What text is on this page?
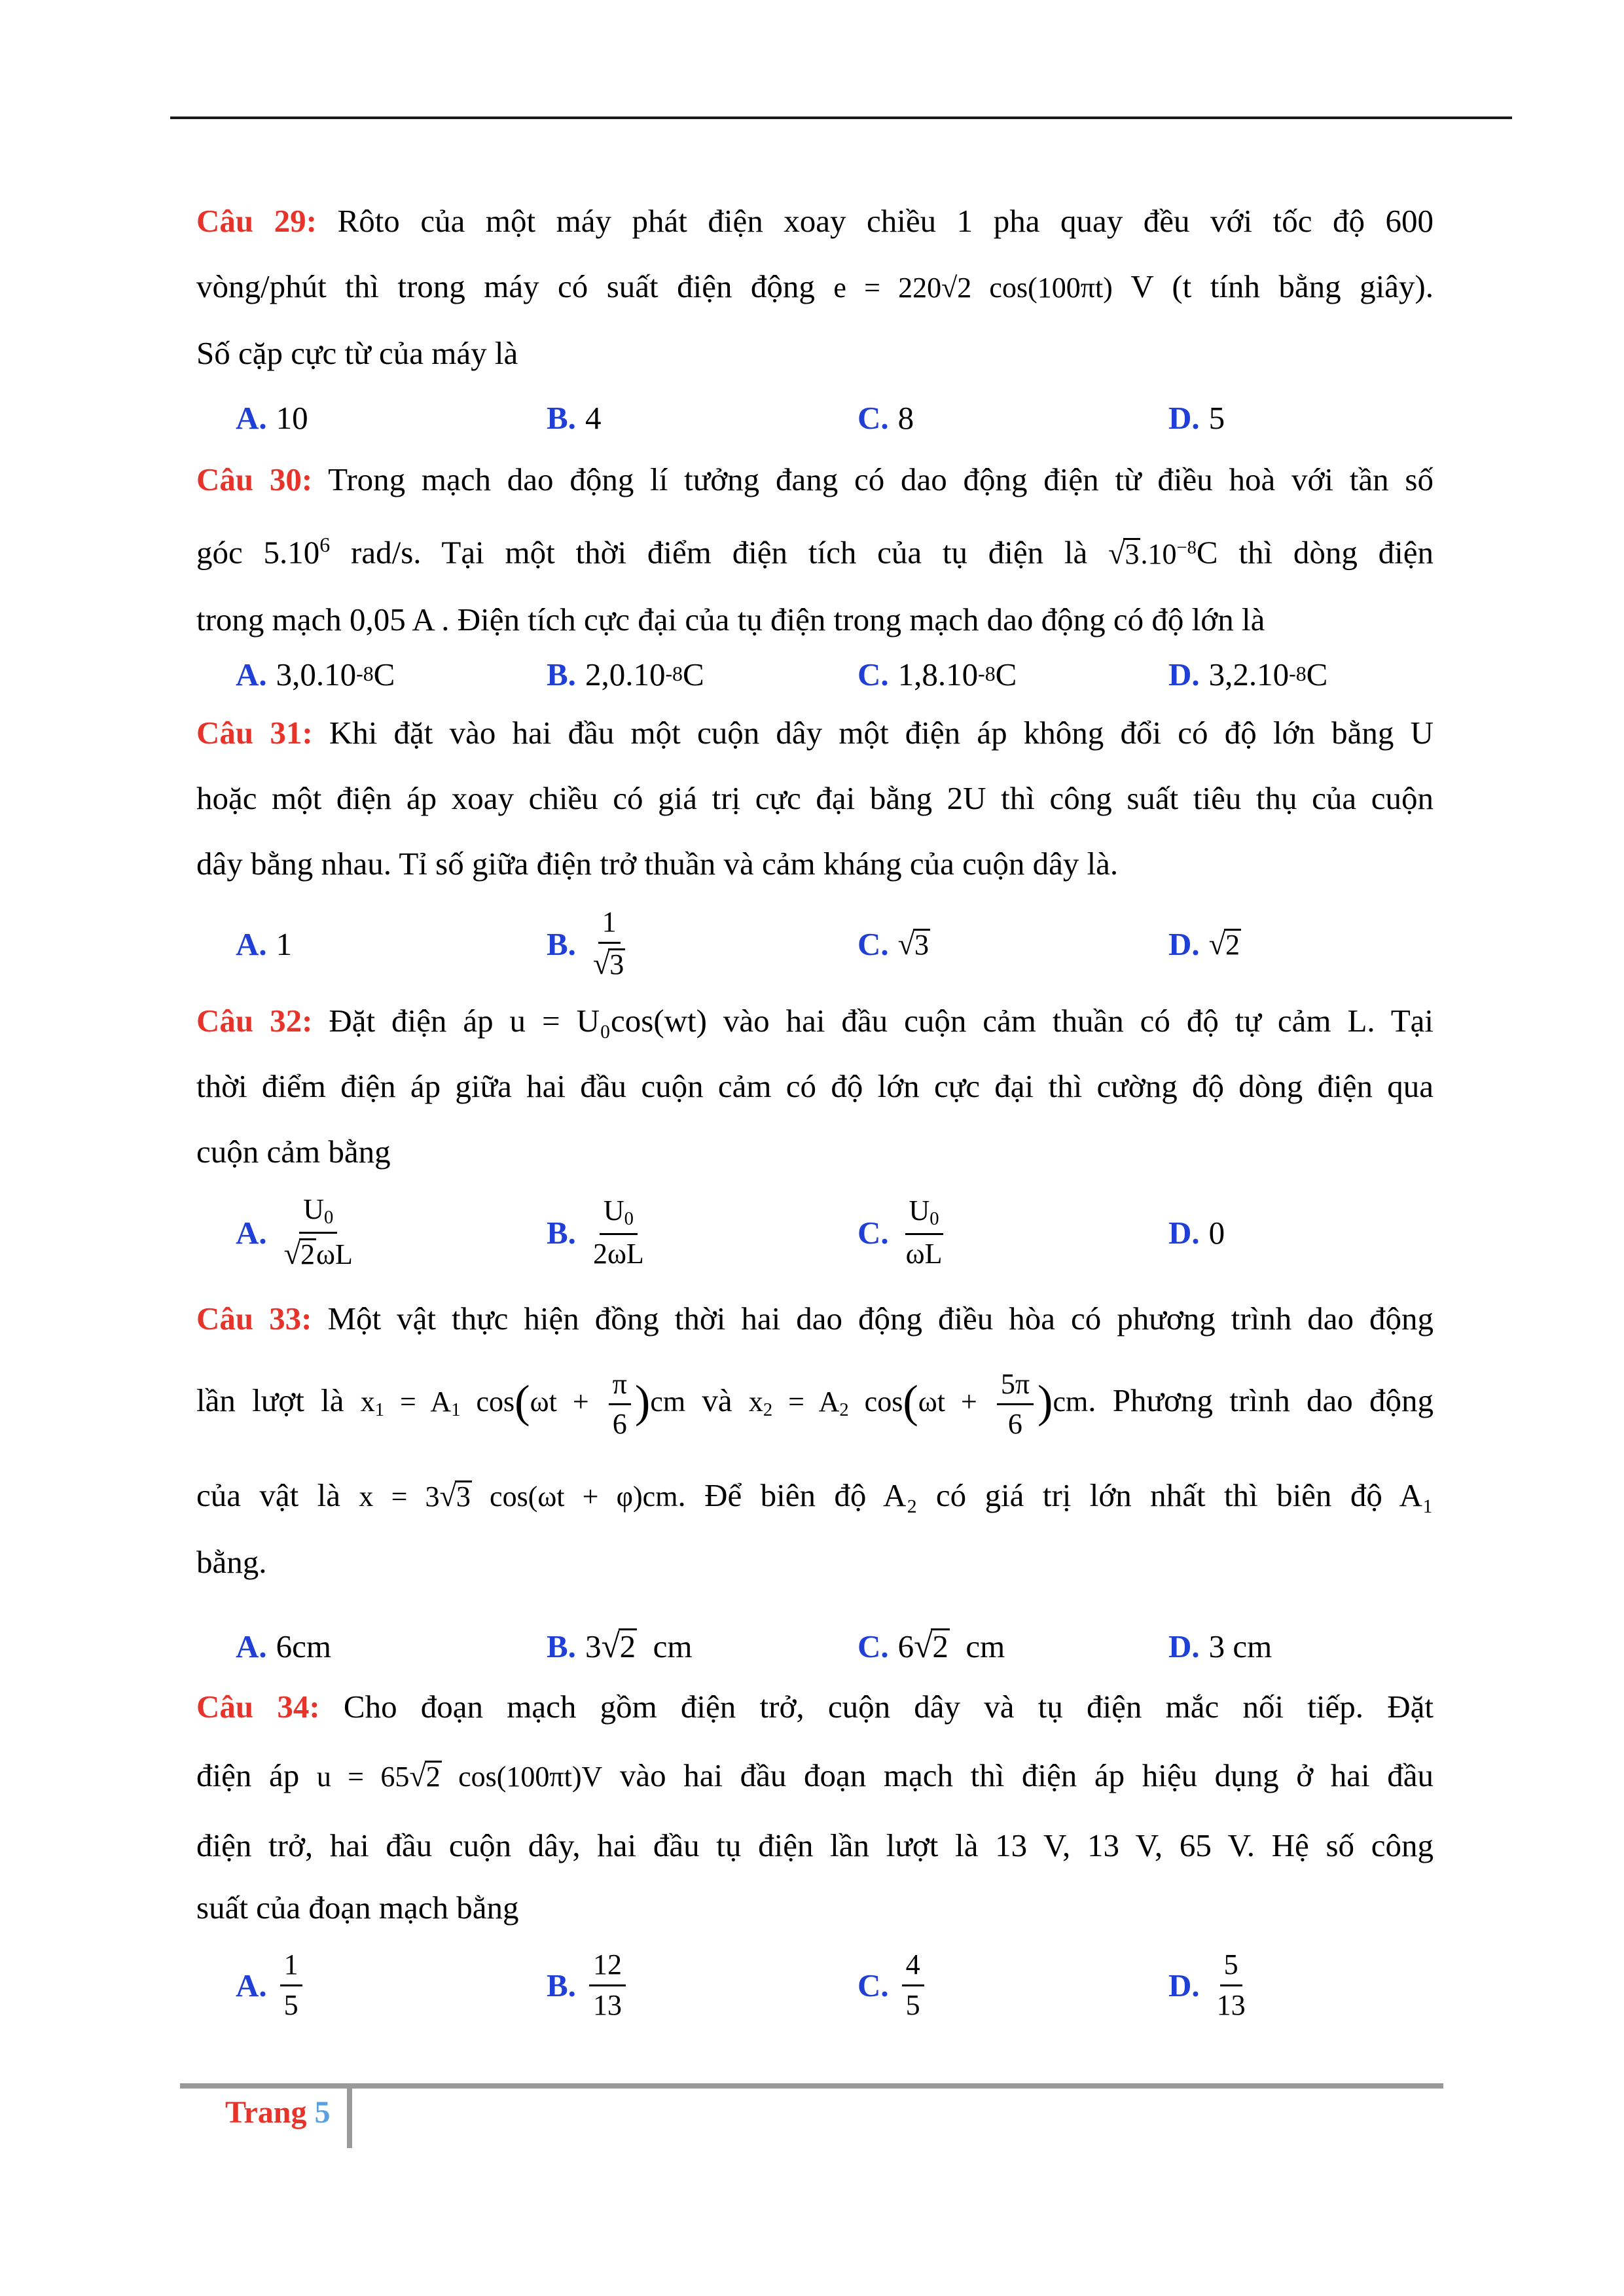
Câu 29: Rôto của một máy phát điện xoay chiều 1 pha quay đều với tốc độ 600

vòng/phút thì trong máy có suất điện động e = 220√2 cos(100πt) V (t tính bằng giây).

Số cặp cực từ của máy là

A. 10	B. 4	C. 8	D. 5

Câu 30: Trong mạch dao động lí tưởng đang có dao động điện từ điều hoà với tần số

góc 5.10$^6$ rad/s. Tại một thời điểm điện tích của tụ điện là $√3.10^{-8}C$ thì dòng điện

trong mạch 0,05 A . Điện tích cực đại của tụ điện trong mạch dao động có độ lớn là

A. 3,0.10 -8 C	B. 2,0.10 -8 C	C. 1,8.10 -8 C	D. 3,2.10 -8 C

Câu 31: Khi đặt vào hai đầu một cuộn dây một điện áp không đổi có độ lớn bằng U

hoặc một điện áp xoay chiều có giá trị cực đại bằng 2U thì công suất tiêu thụ của cuộn

dây bằng nhau. Tỉ số giữa điện trở thuần và cảm kháng của cuộn dây là.

A. 1	B. $\frac{1}{√3}$	C. √3	D. √2

Câu 32: Đặt điện áp u = U₀cos(wt) vào hai đầu cuộn cảm thuần có độ tự cảm L. Tại

thời điểm điện áp giữa hai đầu cuộn cảm có độ lớn cực đại thì cường độ dòng điện qua

cuộn cảm bằng

A. $\frac{U_0}{√2\omega L}$	B. $\frac{U_0}{2\omega L}$	C. $\frac{U_0}{\omega L}$	D. 0

Câu 33: Một vật thực hiện đồng thời hai dao động điều hòa có phương trình dao động

lần lượt là $x_1 = A_1$ $\cos(\omega t + \frac{\pi}{6} )cm$ và $x_2 = A_2$ $\cos(\omega t + \frac{5\pi}{6} )cm$. Phương trình dao động

của vật là x = 3√3 cos(ωt + φ)cm. Để biên độ A₂ có giá trị lớn nhất thì biên độ A₁

bằng.

A. 6cm	B. 3√2  cm	C. 6√2  cm	D. 3 cm

Câu 34: Cho đoạn mạch gồm điện trở, cuộn dây và tụ điện mắc nối tiếp. Đặt

điện áp u = 65√2 cos(100πt)V vào hai đầu đoạn mạch thì điện áp hiệu dụng ở hai đầu

điện trở, hai đầu cuộn dây, hai đầu tụ điện lần lượt là 13 V, 13 V, 65 V. Hệ số công

suất của đoạn mạch bằng

A. $\frac{1}{5}$	B. $\frac{12}{13}$	C. $\frac{4}{5}$	D. $\frac{5}{13}$
Trang 5
